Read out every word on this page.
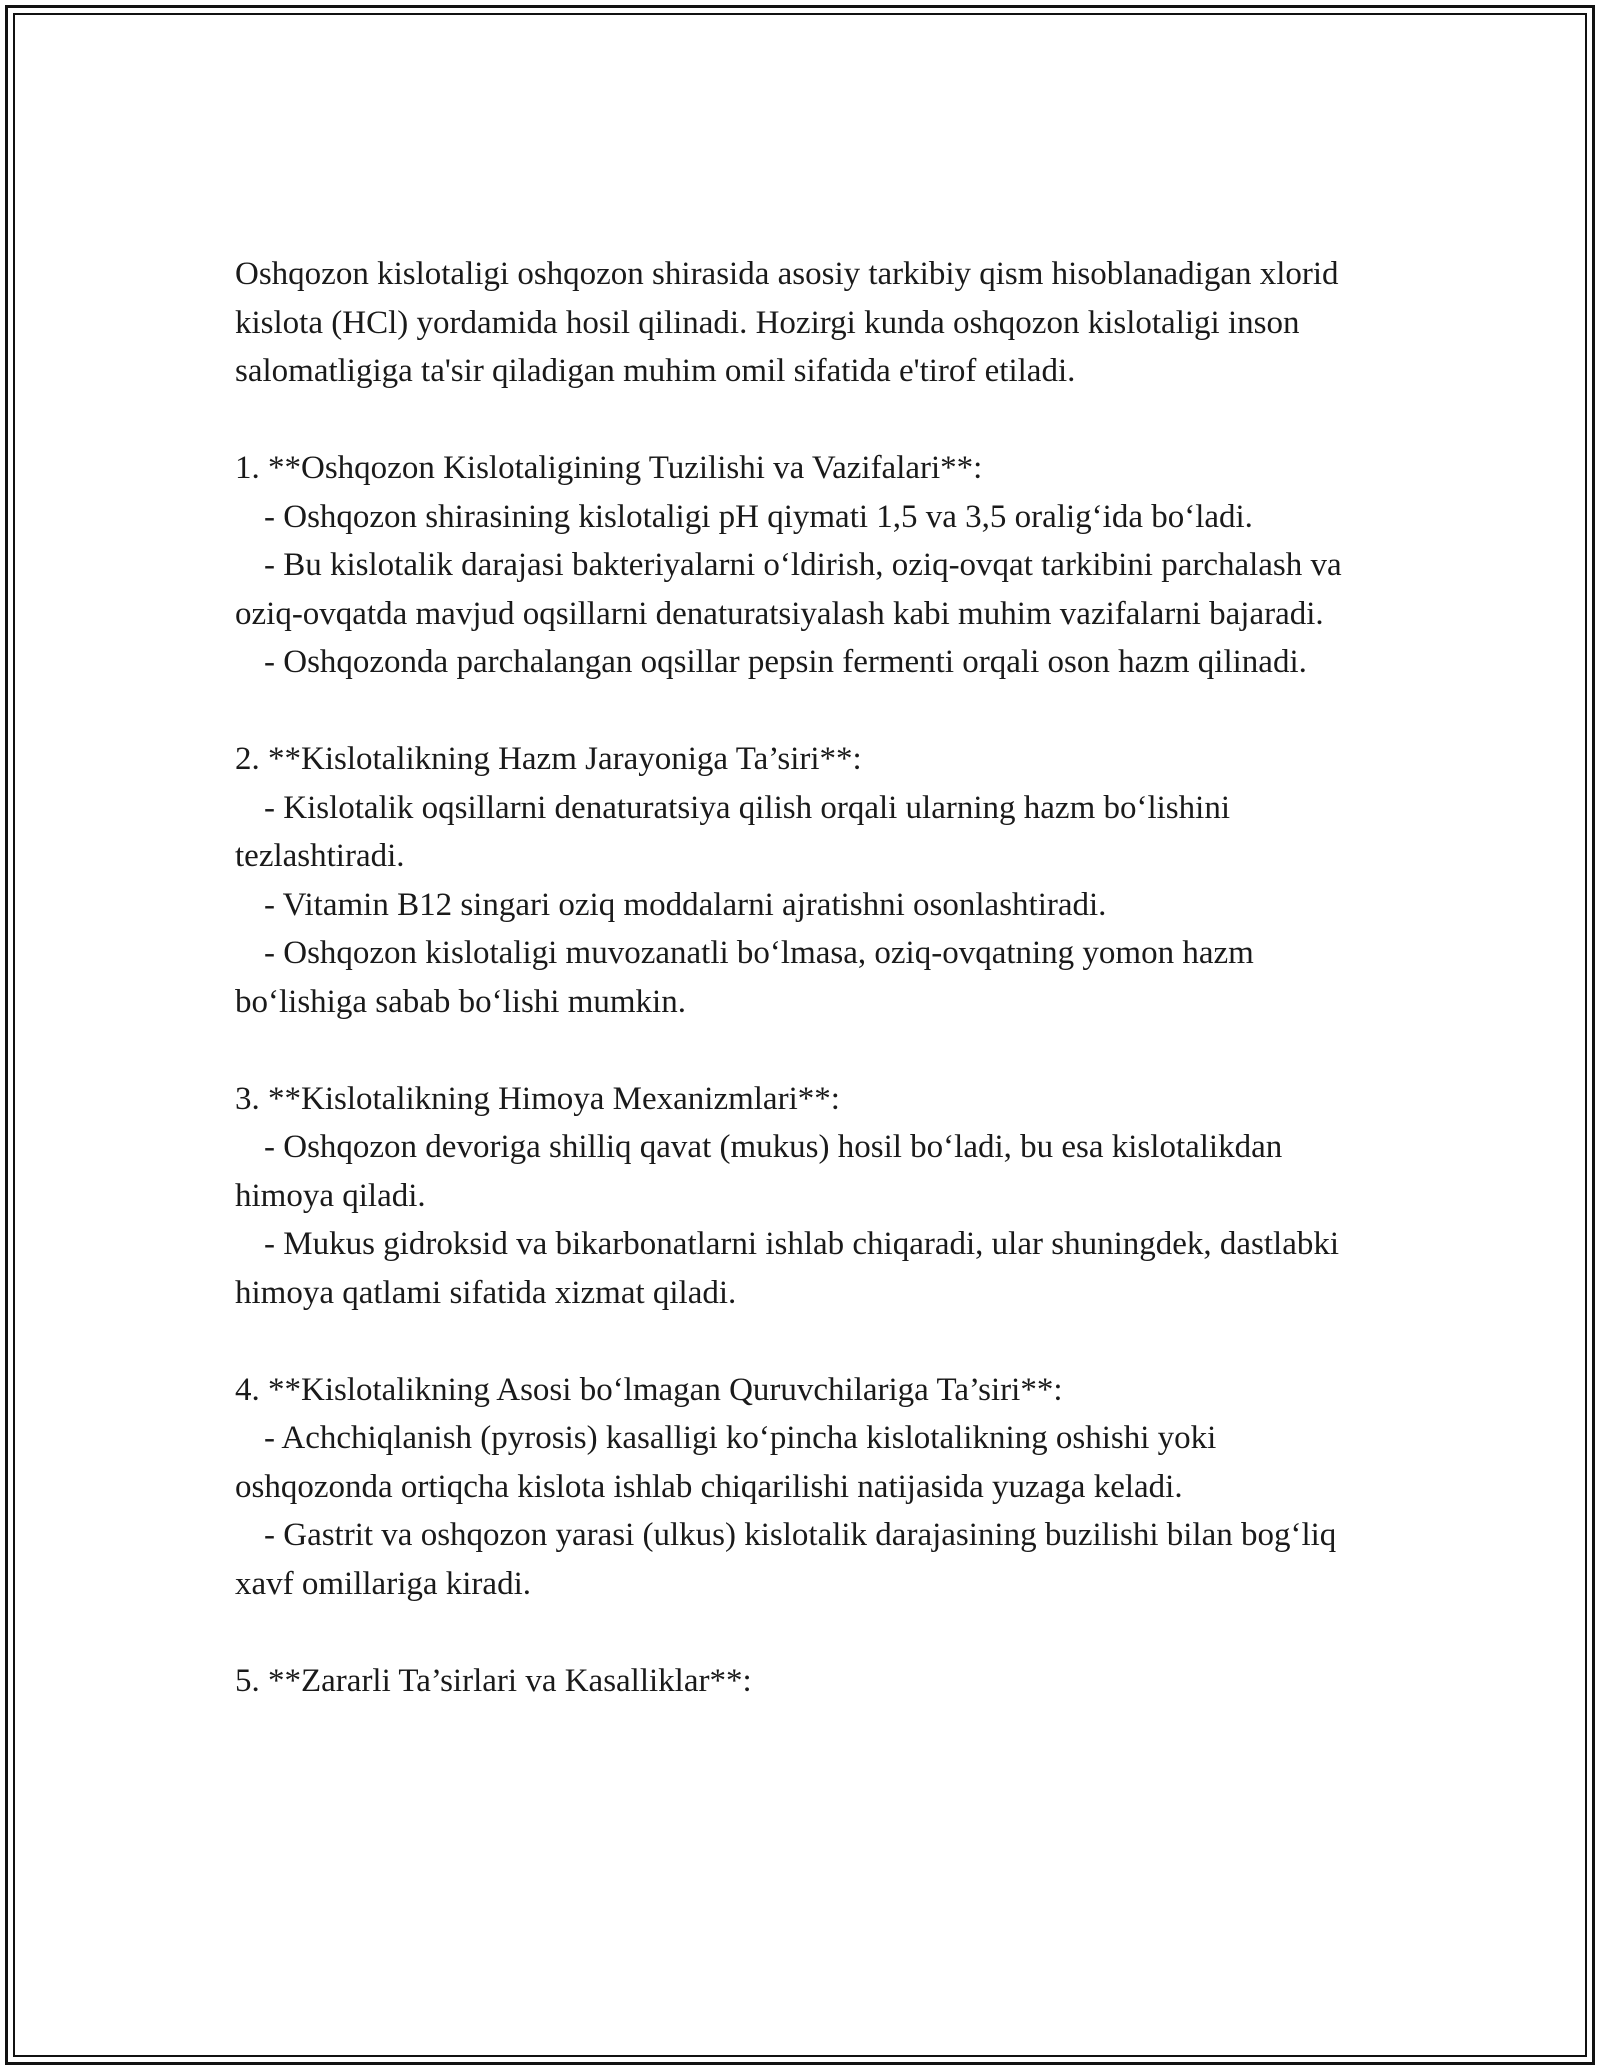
Oshqozon kislotaligi oshqozon shirasida asosiy tarkibiy qism hisoblanadigan xlorid kislota (HCl) yordamida hosil qilinadi. Hozirgi kunda oshqozon kislotaligi inson salomatligiga ta'sir qiladigan muhim omil sifatida e'tirof etiladi.
1. **Oshqozon Kislotaligining Tuzilishi va Vazifalari**:
- Oshqozon shirasining kislotaligi pH qiymati 1,5 va 3,5 oralig‘ida bo‘ladi.
- Bu kislotalik darajasi bakteriyalarni o‘ldirish, oziq-ovqat tarkibini parchalash va oziq-ovqatda mavjud oqsillarni denaturatsiyalash kabi muhim vazifalarni bajaradi.
- Oshqozonda parchalangan oqsillar pepsin fermenti orqali oson hazm qilinadi.
2. **Kislotalikning Hazm Jarayoniga Ta’siri**:
- Kislotalik oqsillarni denaturatsiya qilish orqali ularning hazm bo‘lishini tezlashtiradi.
- Vitamin B12 singari oziq moddalarni ajratishni osonlashtiradi.
- Oshqozon kislotaligi muvozanatli bo‘lmasa, oziq-ovqatning yomon hazm bo‘lishiga sabab bo‘lishi mumkin.
3. **Kislotalikning Himoya Mexanizmlari**:
- Oshqozon devoriga shilliq qavat (mukus) hosil bo‘ladi, bu esa kislotalikdan himoya qiladi.
- Mukus gidroksid va bikarbonatlarni ishlab chiqaradi, ular shuningdek, dastlabki himoya qatlami sifatida xizmat qiladi.
4. **Kislotalikning Asosi bo‘lmagan Quruvchilariga Ta’siri**:
- Achchiqlanish (pyrosis) kasalligi ko‘pincha kislotalikning oshishi yoki oshqozonda ortiqcha kislota ishlab chiqarilishi natijasida yuzaga keladi.
- Gastrit va oshqozon yarasi (ulkus) kislotalik darajasining buzilishi bilan bog‘liq xavf omillariga kiradi.
5. **Zararli Ta’sirlari va Kasalliklar**:
